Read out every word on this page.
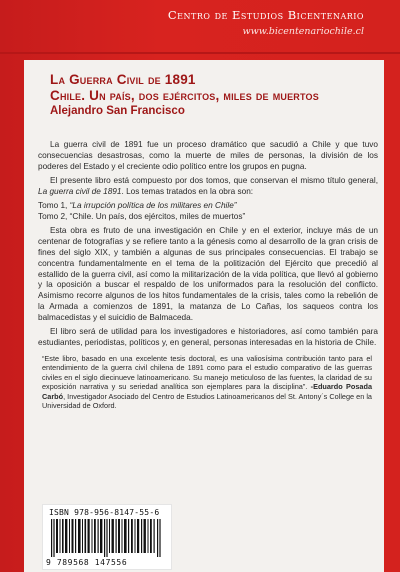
Centro de Estudios Bicentenario
www.bicentenariochile.cl
La Guerra Civil de 1891
Chile. Un país, dos ejércitos, miles de muertos
Alejandro San Francisco

La guerra civil de 1891 fue un proceso dramático que sacudió a Chile y que tuvo consecuencias desastrosas, como la muerte de miles de personas, la división de los poderes del Estado y el creciente odio político entre los grupos en pugna.

El presente libro está compuesto por dos tomos, que conservan el mismo título general, La guerra civil de 1891. Los temas tratados en la obra son:

Tomo 1, “La irrupción política de los militares en Chile”

Tomo 2, “Chile. Un país, dos ejércitos, miles de muertos”

Esta obra es fruto de una investigación en Chile y en el exterior, incluye más de un centenar de fotografías y se refiere tanto a la génesis como al desarrollo de la gran crisis de fines del siglo XIX, y también a algunas de sus principales consecuencias. El trabajo se concentra fundamentalmente en el tema de la politización del Ejército que precedió al estallido de la guerra civil, así como la militarización de la vida política, que llevó al gobierno y la oposición a buscar el respaldo de los uniformados para la resolución del conflicto. Asimismo recorre algunos de los hitos fundamentales de la crisis, tales como la rebelión de la Armada a comienzos de 1891, la matanza de Lo Cañas, los saqueos contra los balmacedistas y el suicidio de Balmaceda.

El libro será de utilidad para los investigadores e historiadores, así como también para estudiantes, periodistas, políticos y, en general, personas interesadas en la historia de Chile.

“Este libro, basado en una excelente tesis doctoral, es una valiosísima contribución tanto para el entendimiento de la guerra civil chilena de 1891 como para el estudio comparativo de las guerras civiles en el siglo diecinueve latinoamericano. Su manejo meticuloso de las fuentes, la claridad de su exposición narrativa y su seriedad analítica son ejemplares para la disciplina”. -Eduardo Posada Carbó, Investigador Asociado del Centro de Estudios Latinoamericanos del St. Antony´s College en la Universidad de Oxford.
ISBN 978-956-8147-55-6
9 789568 147556
